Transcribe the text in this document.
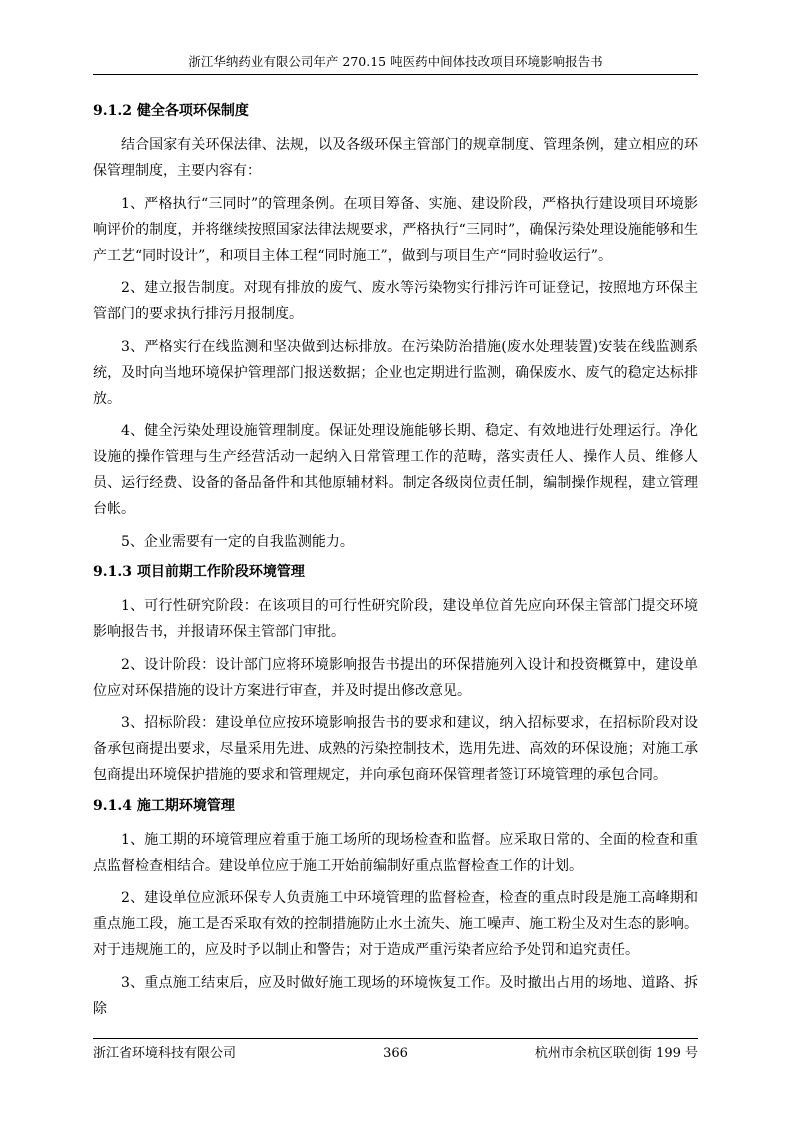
浙江华纳药业有限公司年产 270.15 吨医药中间体技改项目环境影响报告书
9.1.2 健全各项环保制度

结合国家有关环保法律、法规，以及各级环保主管部门的规章制度、管理条例，建立相应的环保管理制度，主要内容有：

1、严格执行“三同时”的管理条例。在项目筹备、实施、建设阶段，严格执行建设项目环境影响评价的制度，并将继续按照国家法律法规要求，严格执行“三同时”，确保污染处理设施能够和生产工艺“同时设计”，和项目主体工程“同时施工”，做到与项目生产“同时验收运行”。

2、建立报告制度。对现有排放的废气、废水等污染物实行排污许可证登记，按照地方环保主管部门的要求执行排污月报制度。

3、严格实行在线监测和坚决做到达标排放。在污染防治措施(废水处理装置)安装在线监测系统，及时向当地环境保护管理部门报送数据；企业也定期进行监测，确保废水、废气的稳定达标排放。

4、健全污染处理设施管理制度。保证处理设施能够长期、稳定、有效地进行处理运行。净化设施的操作管理与生产经营活动一起纳入日常管理工作的范畴，落实责任人、操作人员、维修人员、运行经费、设备的备品备件和其他原辅材料。制定各级岗位责任制，编制操作规程，建立管理台帐。

5、企业需要有一定的自我监测能力。

9.1.3 项目前期工作阶段环境管理

1、可行性研究阶段：在该项目的可行性研究阶段，建设单位首先应向环保主管部门提交环境影响报告书，并报请环保主管部门审批。

2、设计阶段：设计部门应将环境影响报告书提出的环保措施列入设计和投资概算中，建设单位应对环保措施的设计方案进行审查，并及时提出修改意见。

3、招标阶段：建设单位应按环境影响报告书的要求和建议，纳入招标要求，在招标阶段对设备承包商提出要求，尽量采用先进、成熟的污染控制技术，选用先进、高效的环保设施；对施工承包商提出环境保护措施的要求和管理规定，并向承包商环保管理者签订环境管理的承包合同。

9.1.4 施工期环境管理

1、施工期的环境管理应着重于施工场所的现场检查和监督。应采取日常的、全面的检查和重点监督检查相结合。建设单位应于施工开始前编制好重点监督检查工作的计划。

2、建设单位应派环保专人负责施工中环境管理的监督检查，检查的重点时段是施工高峰期和重点施工段，施工是否采取有效的控制措施防止水土流失、施工噪声、施工粉尘及对生态的影响。对于违规施工的，应及时予以制止和警告；对于造成严重污染者应给予处罚和追究责任。

3、重点施工结束后，应及时做好施工现场的环境恢复工作。及时撤出占用的场地、道路、拆除

浙江省环境科技有限公司	366	杭州市余杭区联创街 199 号
